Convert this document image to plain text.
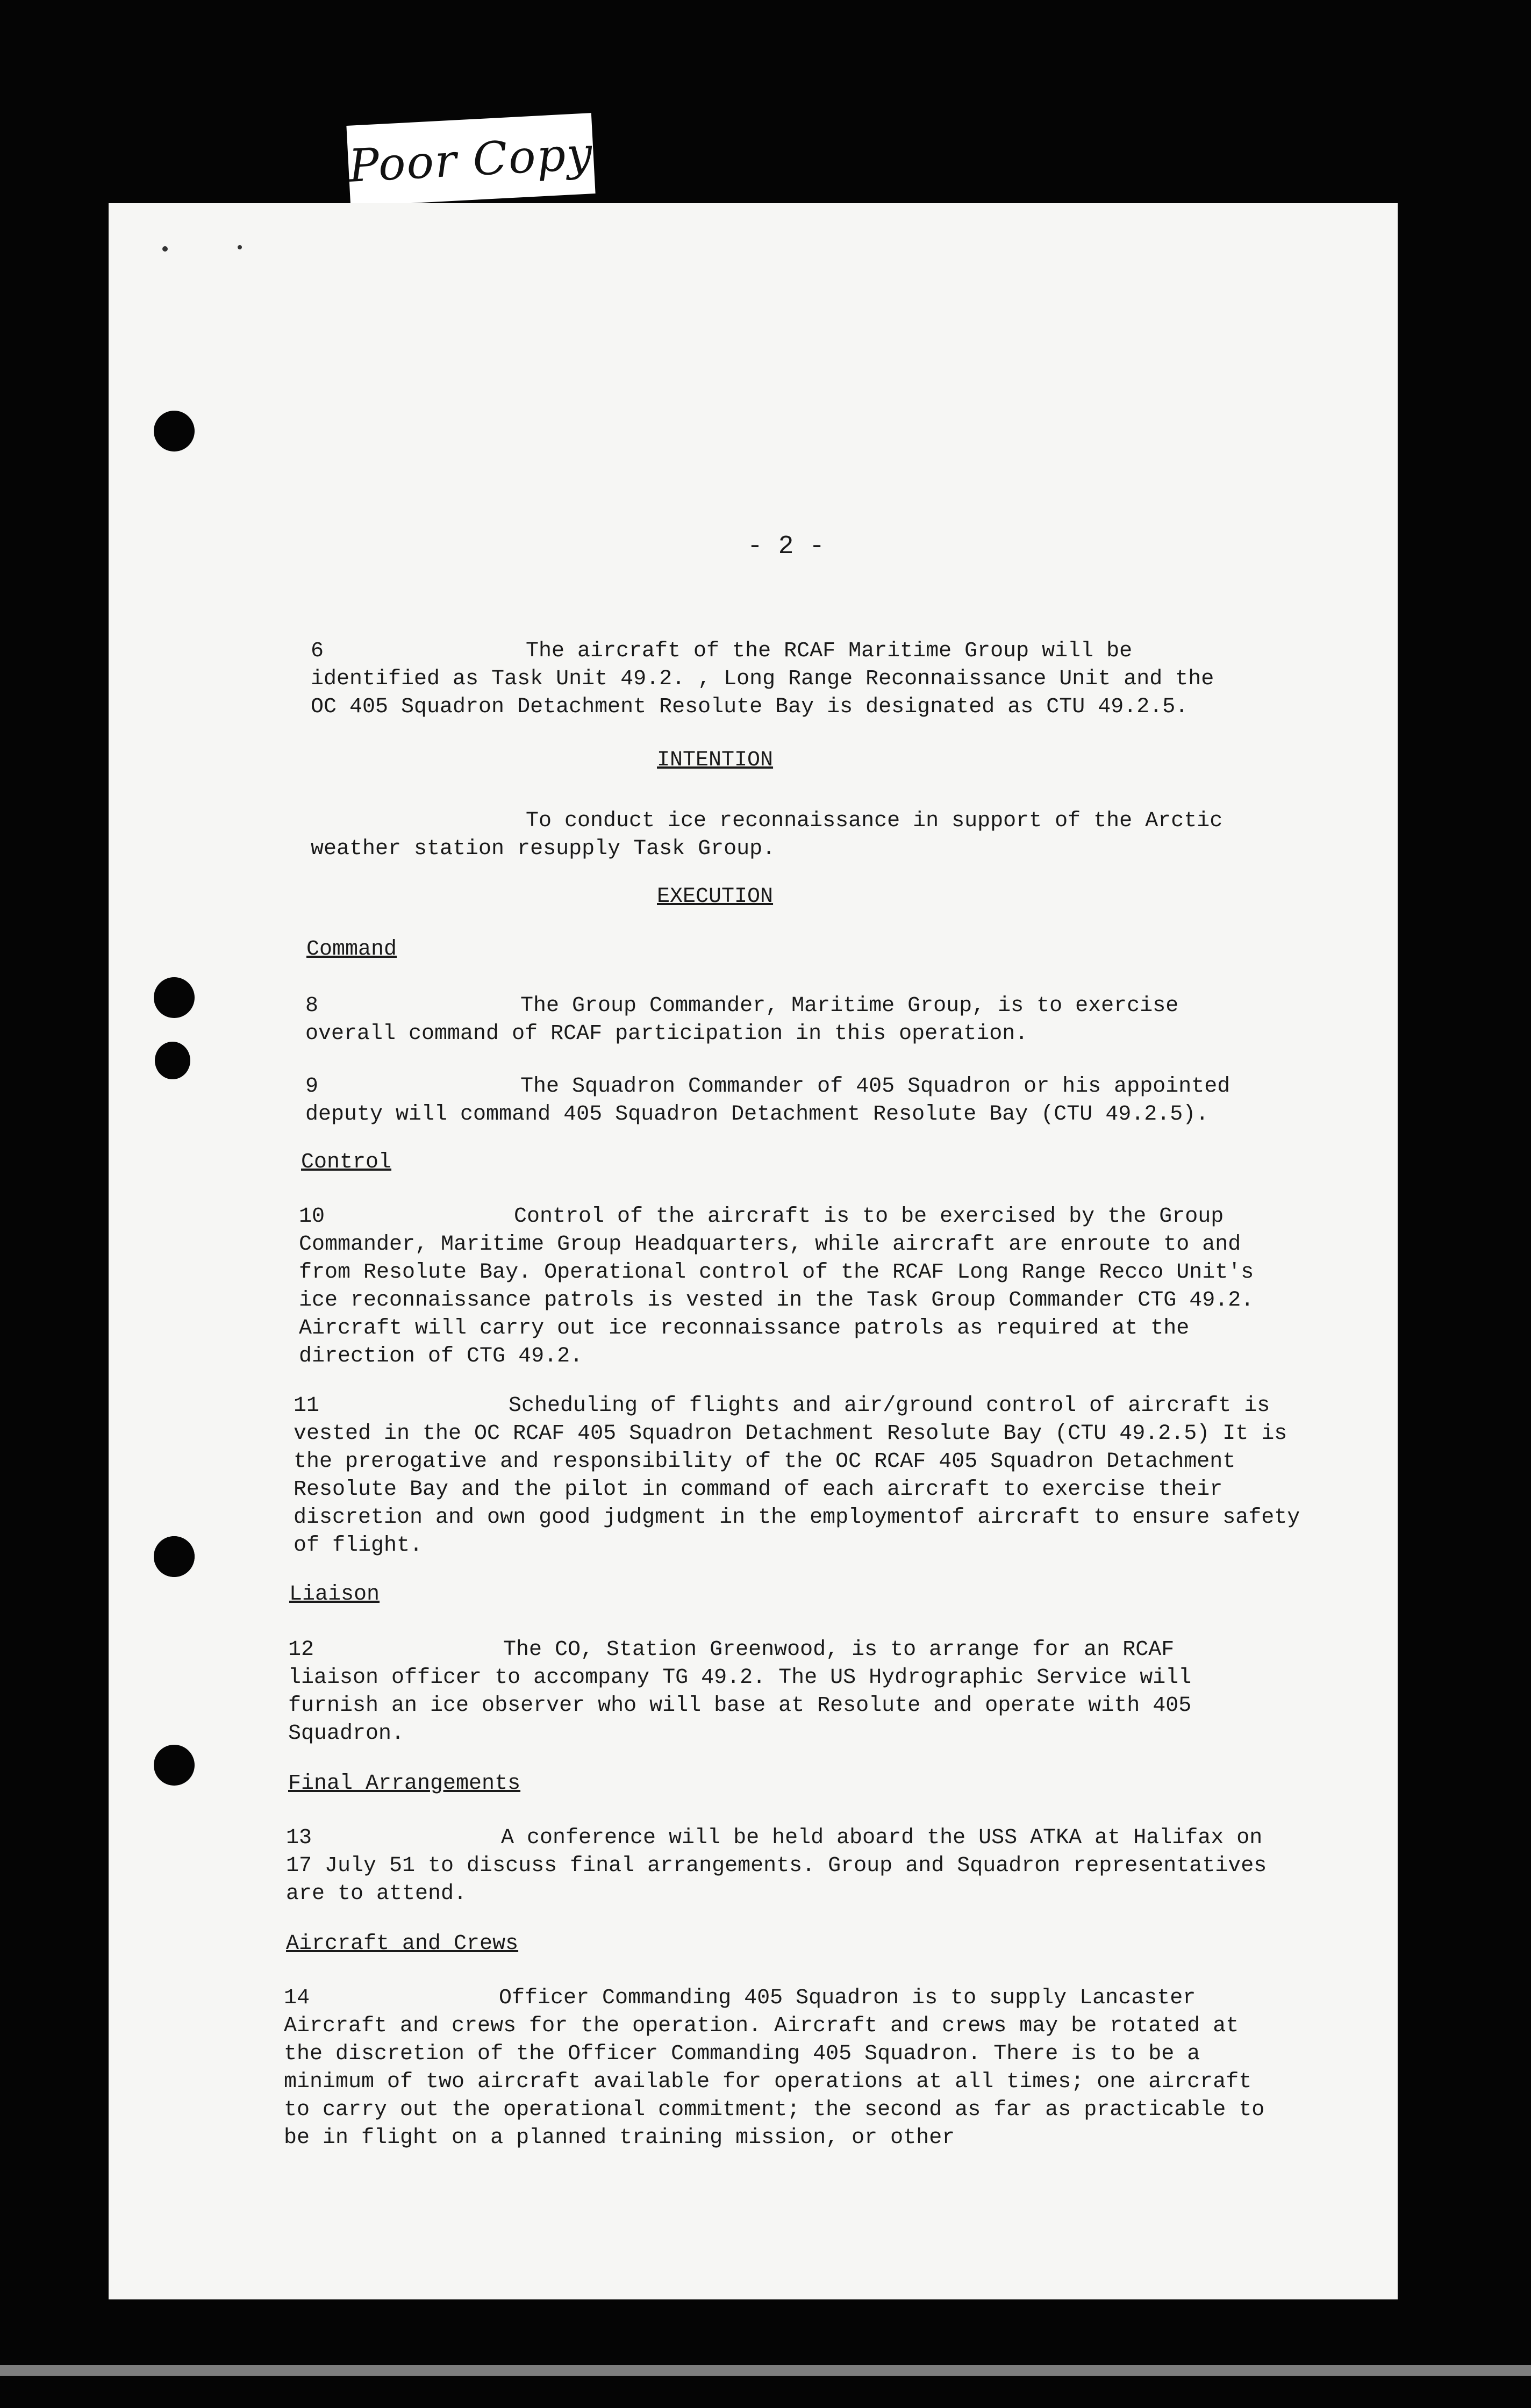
Poor Copy
- 2 -

6	The aircraft of the RCAF Maritime Group will be identified as Task Unit 49.2. , Long Range Reconnaissance Unit and the OC 405 Squadron Detachment Resolute Bay is designated as CTU 49.2.5.

INTENTION

To conduct ice reconnaissance in support of the Arctic weather station resupply Task Group.

EXECUTION
Command

8	The Group Commander, Maritime Group, is to exercise overall command of RCAF participation in this operation.

9	The Squadron Commander of 405 Squadron or his appointed deputy will command 405 Squadron Detachment Resolute Bay (CTU 49.2.5).

Control

10	Control of the aircraft is to be exercised by the Group Commander, Maritime Group Headquarters, while aircraft are enroute to and from Resolute Bay. Operational control of the RCAF Long Range Recco Unit's ice reconnaissance patrols is vested in the Task Group Commander CTG 49.2. Aircraft will carry out ice reconnaissance patrols as required at the direction of CTG 49.2.

11	Scheduling of flights and air/ground control of aircraft is vested in the OC RCAF 405 Squadron Detachment Resolute Bay (CTU 49.2.5) It is the prerogative and responsibility of the OC RCAF 405 Squadron Detachment Resolute Bay and the pilot in command of each aircraft to exercise their discretion and own good judgment in the employmentof aircraft to ensure safety of flight.

Liaison

12	The CO, Station Greenwood, is to arrange for an RCAF liaison officer to accompany TG 49.2. The US Hydrographic Service will furnish an ice observer who will base at Resolute and operate with 405 Squadron.

Final Arrangements

13	A conference will be held aboard the USS ATKA at Halifax on 17 July 51 to discuss final arrangements. Group and Squadron representatives are to attend.

Aircraft and Crews

14	Officer Commanding 405 Squadron is to supply Lancaster Aircraft and crews for the operation. Aircraft and crews may be rotated at the discretion of the Officer Commanding 405 Squadron. There is to be a minimum of two aircraft available for operations at all times; one aircraft to carry out the operational commitment; the second as far as practicable to be in flight on a planned training mission, or other
